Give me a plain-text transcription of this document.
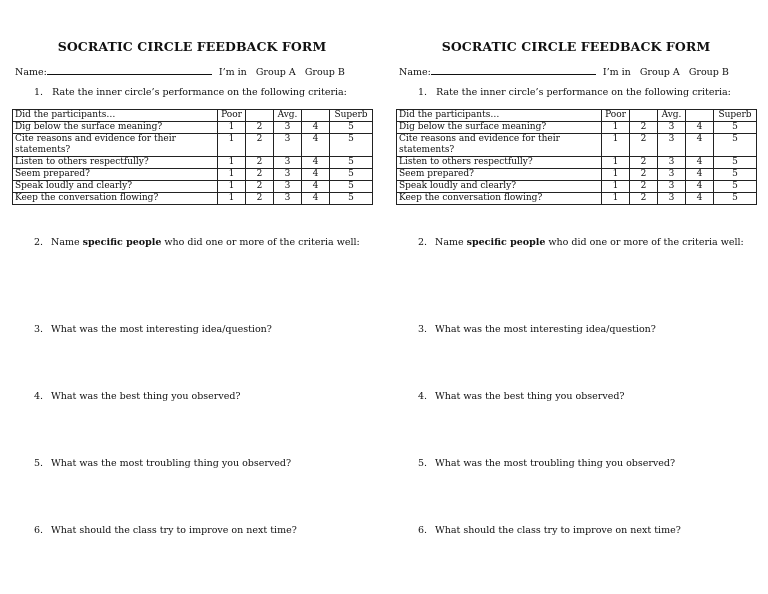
SOCRATIC CIRCLE FEEDBACK FORM
Name:	I’m in Group A Group B
1. Rate the inner circle’s performance on the following criteria:
Did the participants…	Poor		Avg.		Superb
Dig below the surface meaning?	1	2	3	4	5
Cite reasons and evidence for their statements?	1	2	3	4	5
Listen to others respectfully?	1	2	3	4	5
Seem prepared?	1	2	3	4	5
Speak loudly and clearly?	1	2	3	4	5
Keep the conversation flowing?	1	2	3	4	5
2. Name specific people who did one or more of the criteria well:
3. What was the most interesting idea/question?
4. What was the best thing you observed?
5. What was the most troubling thing you observed?
6. What should the class try to improve on next time?
SOCRATIC CIRCLE FEEDBACK FORM
Name:	I’m in Group A Group B
1. Rate the inner circle’s performance on the following criteria:
Did the participants…	Poor		Avg.		Superb
Dig below the surface meaning?	1	2	3	4	5
Cite reasons and evidence for their statements?	1	2	3	4	5
Listen to others respectfully?	1	2	3	4	5
Seem prepared?	1	2	3	4	5
Speak loudly and clearly?	1	2	3	4	5
Keep the conversation flowing?	1	2	3	4	5
2. Name specific people who did one or more of the criteria well:
3. What was the most interesting idea/question?
4. What was the best thing you observed?
5. What was the most troubling thing you observed?
6. What should the class try to improve on next time?
